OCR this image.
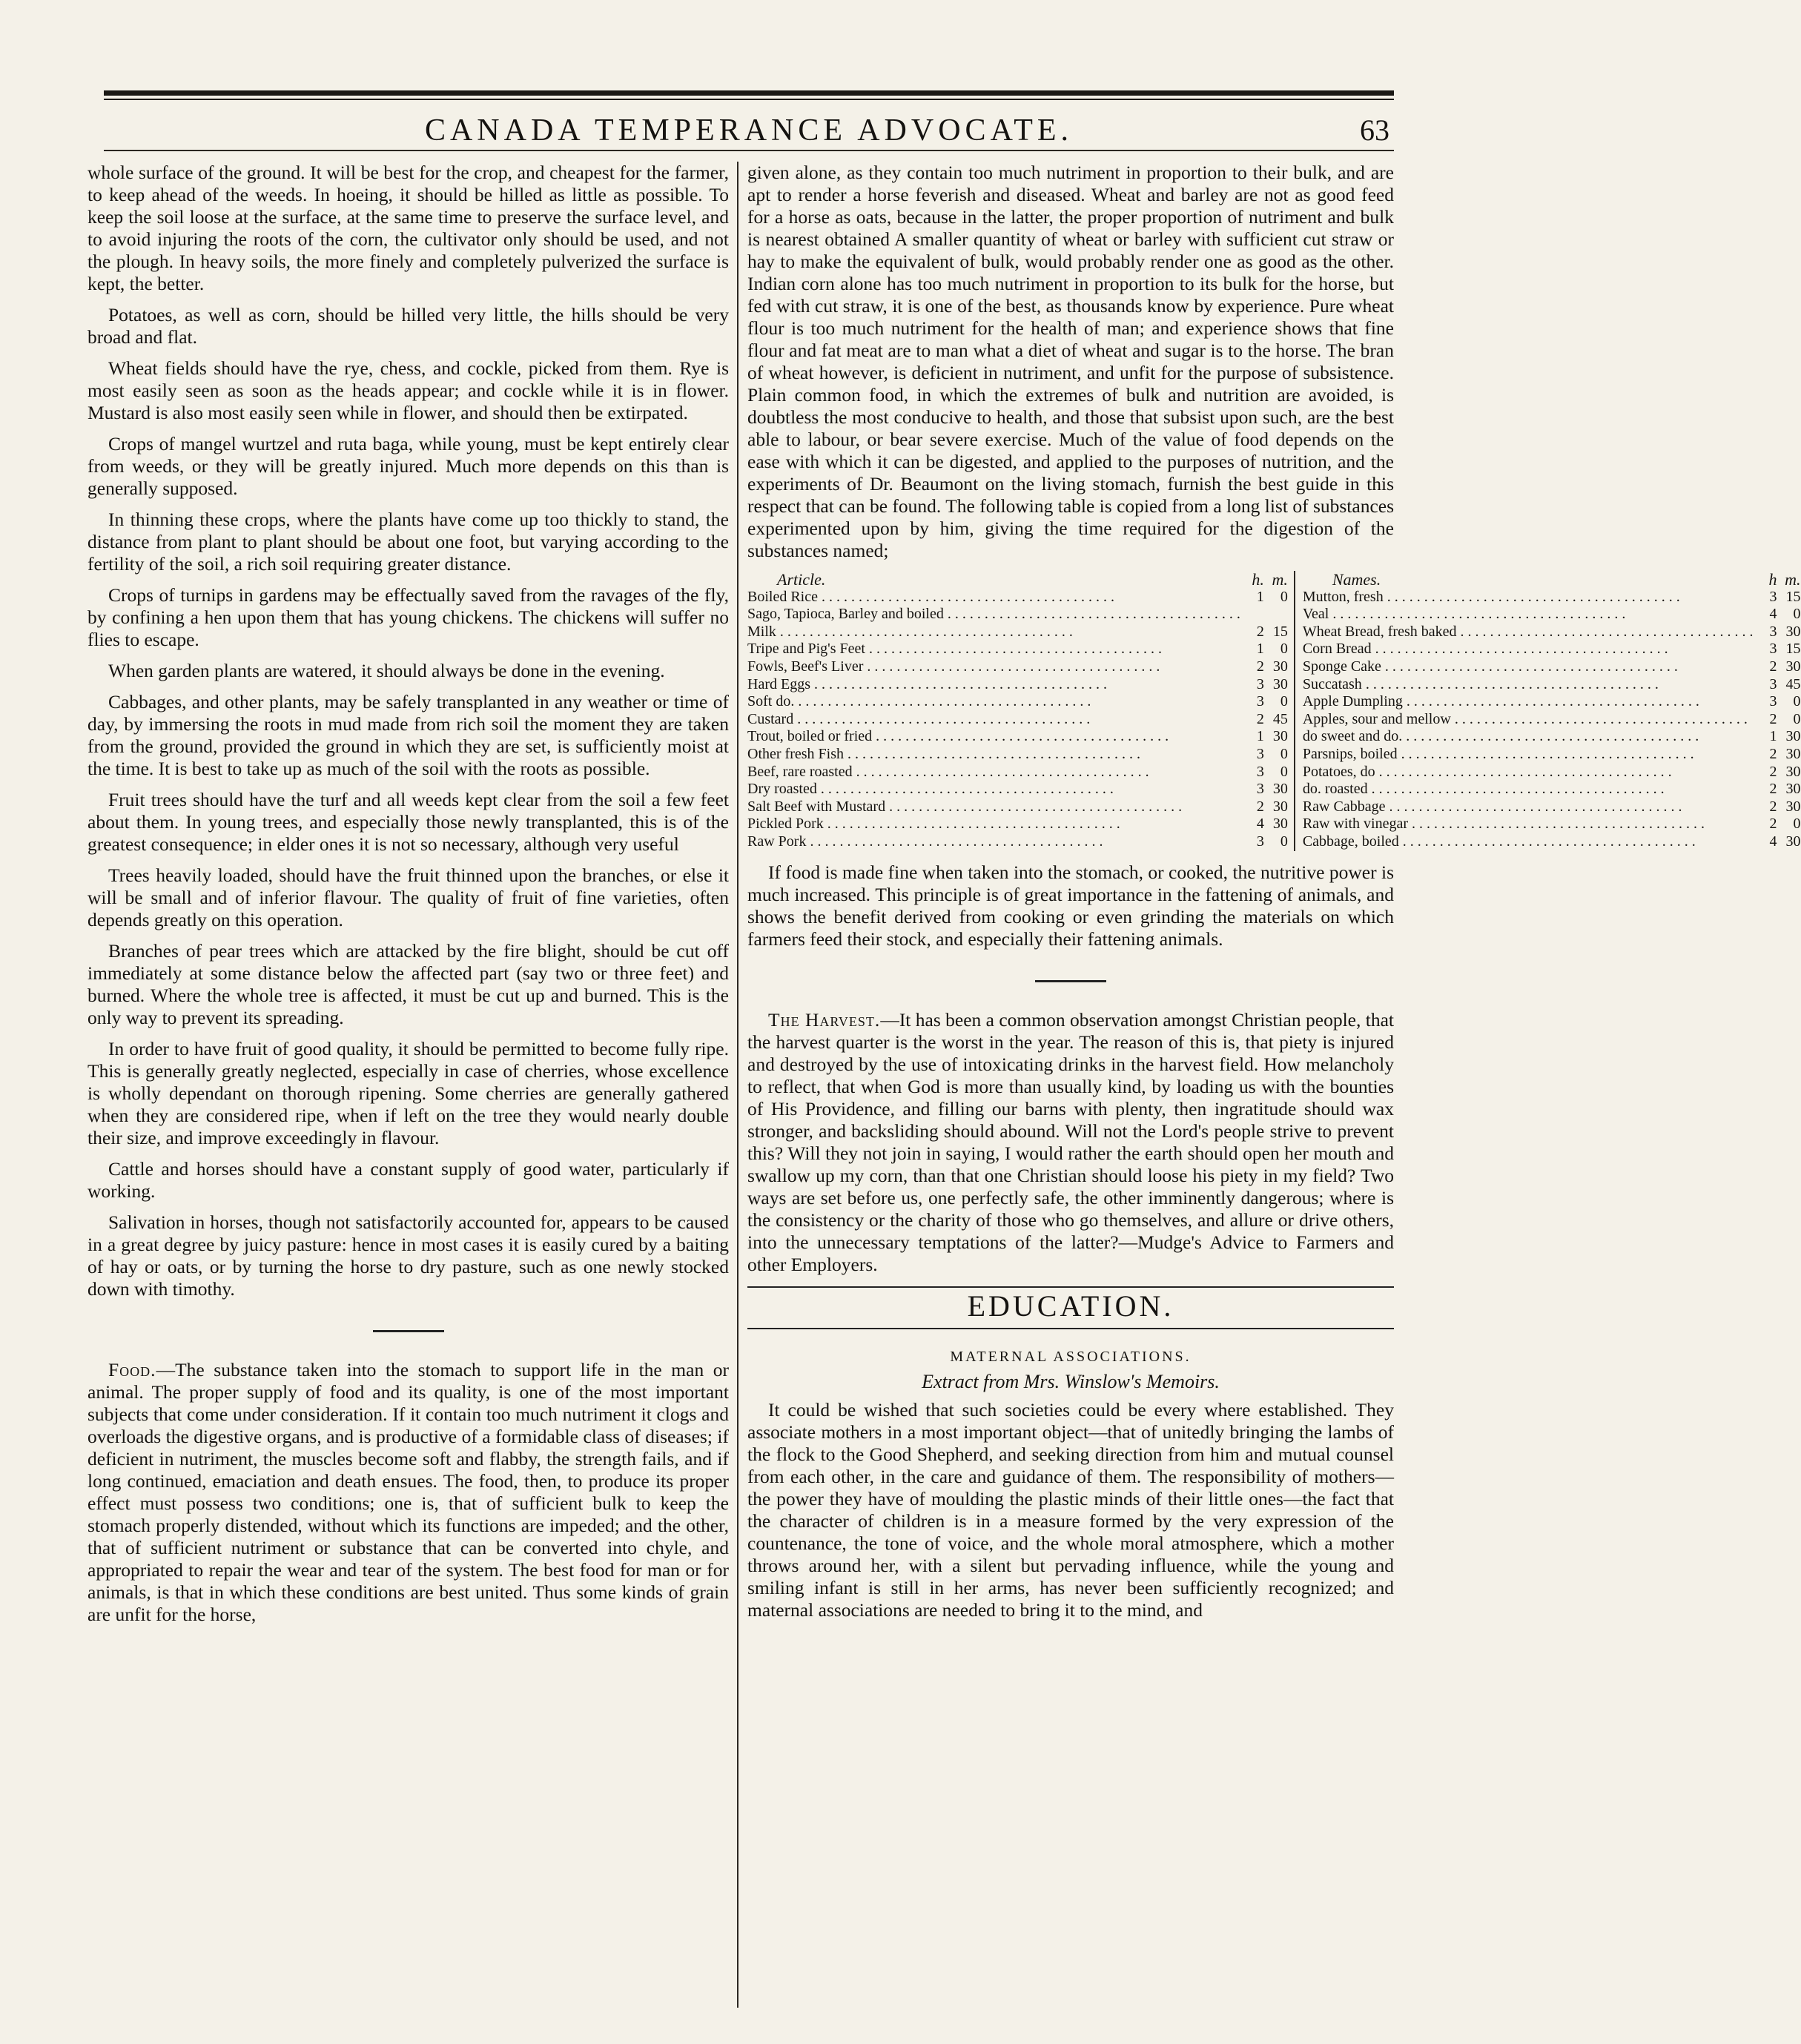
CANADA TEMPERANCE ADVOCATE.	63

whole surface of the ground. It will be best for the crop, and cheapest for the farmer, to keep ahead of the weeds. In hoeing, it should be hilled as little as possible. To keep the soil loose at the surface, at the same time to preserve the surface level, and to avoid injuring the roots of the corn, the cultivator only should be used, and not the plough. In heavy soils, the more finely and completely pulverized the surface is kept, the better.

Potatoes, as well as corn, should be hilled very little, the hills should be very broad and flat.

Wheat fields should have the rye, chess, and cockle, picked from them. Rye is most easily seen as soon as the heads appear; and cockle while it is in flower. Mustard is also most easily seen while in flower, and should then be extirpated.

Crops of mangel wurtzel and ruta baga, while young, must be kept entirely clear from weeds, or they will be greatly injured. Much more depends on this than is generally supposed.

In thinning these crops, where the plants have come up too thickly to stand, the distance from plant to plant should be about one foot, but varying according to the fertility of the soil, a rich soil requiring greater distance.

Crops of turnips in gardens may be effectually saved from the ravages of the fly, by confining a hen upon them that has young chickens. The chickens will suffer no flies to escape.

When garden plants are watered, it should always be done in the evening.

Cabbages, and other plants, may be safely transplanted in any weather or time of day, by immersing the roots in mud made from rich soil the moment they are taken from the ground, provided the ground in which they are set, is sufficiently moist at the time. It is best to take up as much of the soil with the roots as possible.

Fruit trees should have the turf and all weeds kept clear from the soil a few feet about them. In young trees, and especially those newly transplanted, this is of the greatest consequence; in elder ones it is not so necessary, although very useful

Trees heavily loaded, should have the fruit thinned upon the branches, or else it will be small and of inferior flavour. The quality of fruit of fine varieties, often depends greatly on this operation.

Branches of pear trees which are attacked by the fire blight, should be cut off immediately at some distance below the affected part (say two or three feet) and burned. Where the whole tree is affected, it must be cut up and burned. This is the only way to prevent its spreading.

In order to have fruit of good quality, it should be permitted to become fully ripe. This is generally greatly neglected, especially in case of cherries, whose excellence is wholly dependant on thorough ripening. Some cherries are generally gathered when they are considered ripe, when if left on the tree they would nearly double their size, and improve exceedingly in flavour.

Cattle and horses should have a constant supply of good water, particularly if working.

Salivation in horses, though not satisfactorily accounted for, appears to be caused in a great degree by juicy pasture: hence in most cases it is easily cured by a baiting of hay or oats, or by turning the horse to dry pasture, such as one newly stocked down with timothy.

Food.—The substance taken into the stomach to support life in the man or animal. The proper supply of food and its quality, is one of the most important subjects that come under consideration. If it contain too much nutriment it clogs and overloads the digestive organs, and is productive of a formidable class of diseases; if deficient in nutriment, the muscles become soft and flabby, the strength fails, and if long continued, emaciation and death ensues. The food, then, to produce its proper effect must possess two conditions; one is, that of sufficient bulk to keep the stomach properly distended, without which its functions are impeded; and the other, that of sufficient nutriment or substance that can be converted into chyle, and appropriated to repair the wear and tear of the system. The best food for man or for animals, is that in which these conditions are best united. Thus some kinds of grain are unfit for the horse,

given alone, as they contain too much nutriment in proportion to their bulk, and are apt to render a horse feverish and diseased. Wheat and barley are not as good feed for a horse as oats, because in the latter, the proper proportion of nutriment and bulk is nearest obtained A smaller quantity of wheat or barley with sufficient cut straw or hay to make the equivalent of bulk, would probably render one as good as the other. Indian corn alone has too much nutriment in proportion to its bulk for the horse, but fed with cut straw, it is one of the best, as thousands know by experience. Pure wheat flour is too much nutriment for the health of man; and experience shows that fine flour and fat meat are to man what a diet of wheat and sugar is to the horse. The bran of wheat however, is deficient in nutriment, and unfit for the purpose of subsistence. Plain common food, in which the extremes of bulk and nutrition are avoided, is doubtless the most conducive to health, and those that subsist upon such, are the best able to labour, or bear severe exercise. Much of the value of food depends on the ease with which it can be digested, and applied to the purposes of nutrition, and the experiments of Dr. Beaumont on the living stomach, furnish the best guide in this respect that can be found. The following table is copied from a long list of substances experimented upon by him, giving the time required for the digestion of the substances named;

Article.	h. m.
Boiled Rice . . .	1	0
Sago, Tapioca, Barley and boiled . . .
Milk . . .	2 15
Tripe and Pig's Feet . . .	1	0
Fowls, Beef's Liver . . .	2 30
Hard Eggs . . .	3 30
Soft do. . . .	3	0
Custard . . .	2 45
Trout, boiled or fried . . .	1 30
Other fresh Fish . . .	3	0
Beef, rare roasted . . .	3	0
Dry roasted . . .	3 30
Salt Beef with Mustard . . .	2 30
Pickled Pork . . .	4 30
Raw Pork . . .	3	0
Names.	h m.
Mutton, fresh . . .	3 15
Veal . . .	4	0
Wheat Bread, fresh baked . . .	3 30
Corn Bread . . .	3 15
Sponge Cake . . .	2 30
Succatash . . .	3 45
Apple Dumpling . . .	3	0
Apples, sour and mellow . . .	2	0
do sweet and do. . . .	1 30
Parsnips, boiled . . .	2 30
Potatoes, do . . .	2 30
do. roasted . . .	2 30
Raw Cabbage . . .	2 30
Raw with vinegar . . .	2	0
Cabbage, boiled . . .	4 30

If food is made fine when taken into the stomach, or cooked, the nutritive power is much increased. This principle is of great importance in the fattening of animals, and shows the benefit derived from cooking or even grinding the materials on which farmers feed their stock, and especially their fattening animals.

The Harvest.—It has been a common observation amongst Christian people, that the harvest quarter is the worst in the year. The reason of this is, that piety is injured and destroyed by the use of intoxicating drinks in the harvest field. How melancholy to reflect, that when God is more than usually kind, by loading us with the bounties of His Providence, and filling our barns with plenty, then ingratitude should wax stronger, and backsliding should abound. Will not the Lord's people strive to prevent this? Will they not join in saying, I would rather the earth should open her mouth and swallow up my corn, than that one Christian should loose his piety in my field? Two ways are set before us, one perfectly safe, the other imminently dangerous; where is the consistency or the charity of those who go themselves, and allure or drive others, into the unnecessary temptations of the latter?—Mudge's Advice to Farmers and other Employers.

EDUCATION.
MATERNAL ASSOCIATIONS.
Extract from Mrs. Winslow's Memoirs.

It could be wished that such societies could be every where established. They associate mothers in a most important object—that of unitedly bringing the lambs of the flock to the Good Shepherd, and seeking direction from him and mutual counsel from each other, in the care and guidance of them. The responsibility of mothers—the power they have of moulding the plastic minds of their little ones—the fact that the character of children is in a measure formed by the very expression of the countenance, the tone of voice, and the whole moral atmosphere, which a mother throws around her, with a silent but pervading influence, while the young and smiling infant is still in her arms, has never been sufficiently recognized; and maternal associations are needed to bring it to the mind, and
